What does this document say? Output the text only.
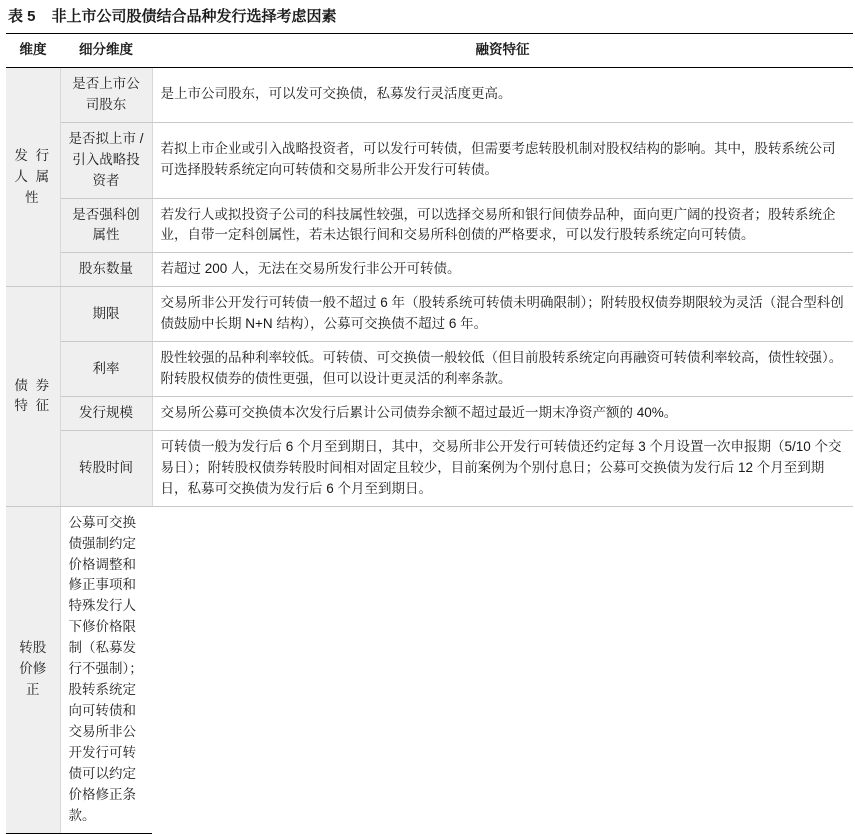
表 5 非上市公司股债结合品种发行选择考虑因素
维度	细分维度	融资特征
发 行 人 属 性	是否上市公司股东	是上市公司股东，可以发可交换债，私募发行灵活度更高。
	是否拟上市 / 引入战略投资者	若拟上市企业或引入战略投资者，可以发行可转债，但需要考虑转股机制对股权结构的影响。其中，股转系统公司可选择股转系统定向可转债和交易所非公开发行可转债。
	是否强科创属性	若发行人或拟投资子公司的科技属性较强，可以选择交易所和银行间债券品种，面向更广阔的投资者；股转系统企业，自带一定科创属性，若未达银行间和交易所科创债的严格要求，可以发行股转系统定向可转债。
	股东数量	若超过 200 人，无法在交易所发行非公开可转债。
债 券 特 征	期限	交易所非公开发行可转债一般不超过 6 年（股转系统可转债未明确限制）；附转股权债券期限较为灵活（混合型科创债鼓励中长期 N+N 结构），公募可交换债不超过 6 年。
	利率	股性较强的品种利率较低。可转债、可交换债一般较低（但目前股转系统定向再融资可转债利率较高，债性较强）。附转股权债券的债性更强，但可以设计更灵活的利率条款。
	发行规模	交易所公募可交换债本次发行后累计公司债券余额不超过最近一期末净资产额的 40%。
	转股时间	可转债一般为发行后 6 个月至到期日，其中，交易所非公开发行可转债还约定每 3 个月设置一次申报期（5/10 个交易日）；附转股权债券转股时间相对固定且较少，目前案例为个别付息日；公募可交换债为发行后 12 个月至到期日，私募可交换债为发行后 6 个月至到期日。
转股价修正	公募可交换债强制约定价格调整和修正事项和特殊发行人下修价格限制（私募发行不强制）；股转系统定向可转债和交易所非公开发行可转债可以约定价格修正条款。	
